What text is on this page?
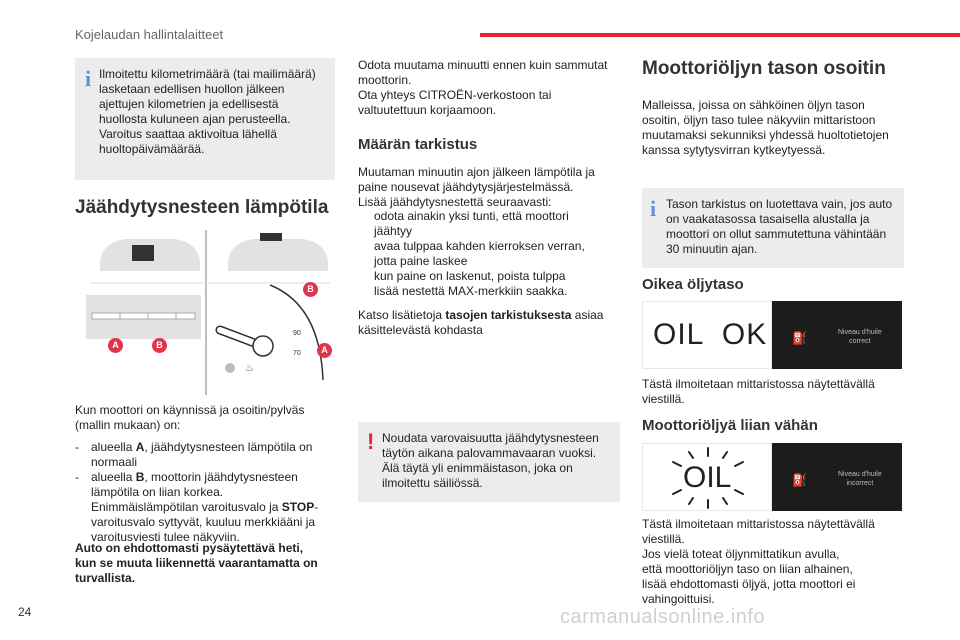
Kojelaudan hallintalaitteet
i Ilmoitettu kilometrimäärä (tai mailimäärä)
lasketaan edellisen huollon jälkeen
ajettujen kilometrien ja edellisestä
huollosta kuluneen ajan perusteella.
Varoitus saattaa aktivoitua lähellä
huoltopäivämäärää.
Jäähdytysnesteen lämpötila
♨
90
70
B
A	B	A
Kun moottori on käynnissä ja osoitin/pylväs
(mallin mukaan) on:
- alueella A, jäähdytysnesteen lämpötila on
normaali
- alueella B, moottorin jäähdytysnesteen
lämpötila on liian korkea.
Enimmäislämpötilan varoitusvalo ja STOP-
varoitusvalo syttyvät, kuuluu merkkiääni ja
varoitusviesti tulee näkyviin.
Auto on ehdottomasti pysäytettävä heti,
kun se muuta liikennettä vaarantamatta on
turvallista.
Odota muutama minuutti ennen kuin sammutat
moottorin.
Ota yhteys CITROËN-verkostoon tai
valtuutettuun korjaamoon.
Määrän tarkistus
Muutaman minuutin ajon jälkeen lämpötila ja
paine nousevat jäähdytysjärjestelmässä.
Lisää jäähdytysnestettä seuraavasti:
odota ainakin yksi tunti, että moottori
jäähtyy
avaa tulppaa kahden kierroksen verran,
jotta paine laskee
kun paine on laskenut, poista tulppa
lisää nestettä MAX-merkkiin saakka.
Katso lisätietoja tasojen tarkistuksesta asiaa
käsittelevästä kohdasta
! Noudata varovaisuutta jäähdytysnesteen
täytön aikana palovammavaaran vuoksi.
Älä täytä yli enimmäistason, joka on
ilmoitettu säiliössä.
Moottoriöljyn tason osoitin
Malleissa, joissa on sähköinen öljyn tason
osoitin, öljyn taso tulee näkyviin mittaristoon
muutamaksi sekunniksi yhdessä huoltotietojen
kanssa sytytysvirran kytkeytyessä.
i Tason tarkistus on luotettava vain, jos auto
on vaakatasossa tasaisella alustalla ja
moottori on ollut sammutettuna vähintään
30 minuutin ajan.
Oikea öljytaso
OIL  OK ⛽	Niveau d'huile
correct
Tästä ilmoitetaan mittaristossa näytettävällä
viestillä.
Moottoriöljyä liian vähän
OIL	⛽	Niveau d'huile
incorrect
Tästä ilmoitetaan mittaristossa näytettävällä
viestillä.
Jos vielä toteat öljynmittatikun avulla,
että moottoriöljyn taso on liian alhainen,
lisää ehdottomasti öljyä, jotta moottori ei
vahingoittuisi.
24	carmanualsonline.info
